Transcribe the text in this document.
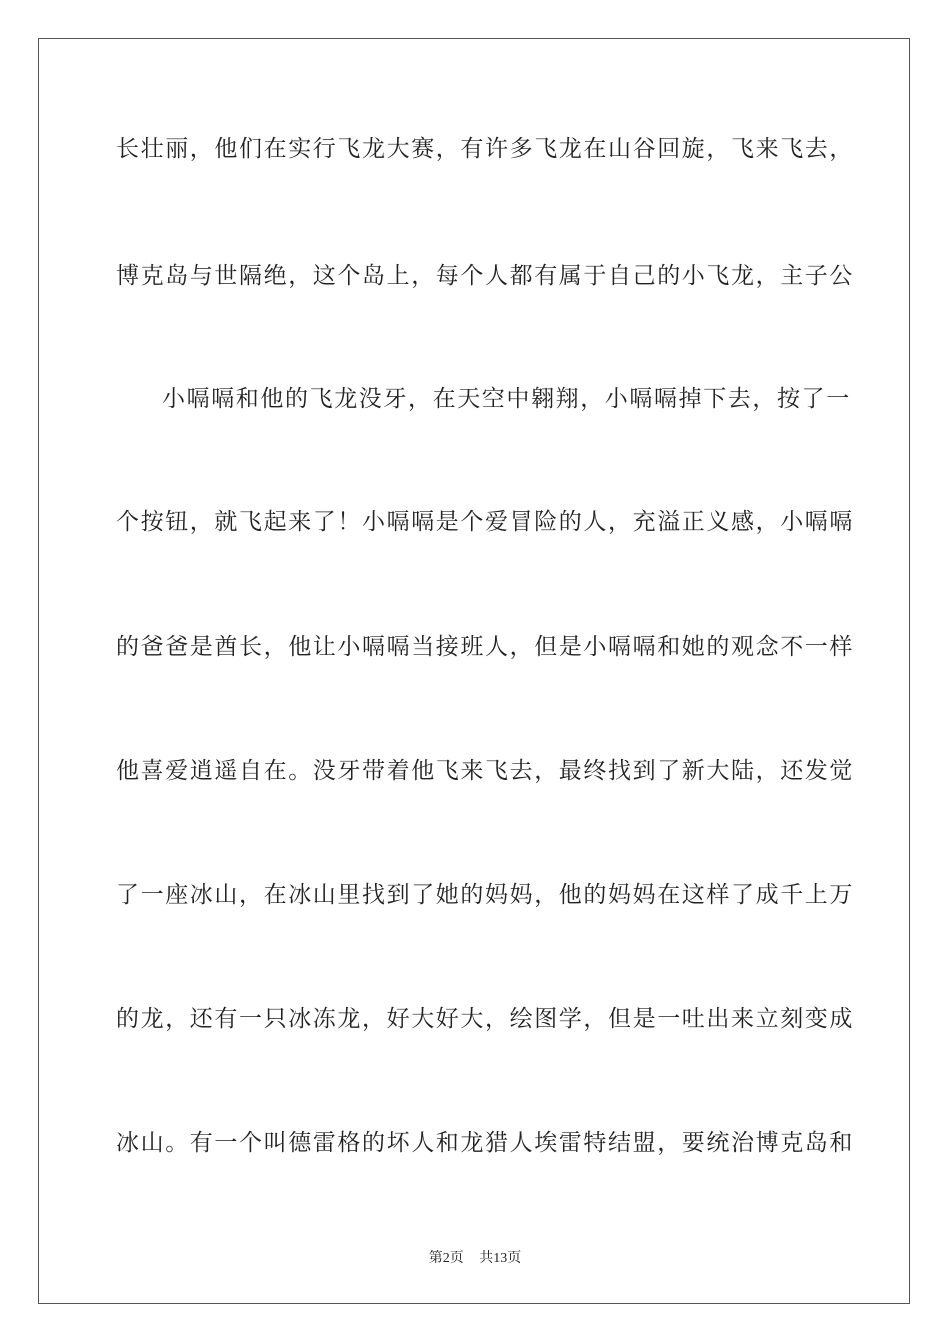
长壮丽，他们在实行飞龙大赛，有许多飞龙在山谷回旋，飞来飞去，
博克岛与世隔绝，这个岛上，每个人都有属于自己的小飞龙，主子公
小嗝嗝和他的飞龙没牙，在天空中翱翔，小嗝嗝掉下去，按了一
个按钮，就飞起来了！小嗝嗝是个爱冒险的人，充溢正义感，小嗝嗝
的爸爸是酋长，他让小嗝嗝当接班人，但是小嗝嗝和她的观念不一样
他喜爱逍遥自在。没牙带着他飞来飞去，最终找到了新大陆，还发觉
了一座冰山，在冰山里找到了她的妈妈，他的妈妈在这样了成千上万
的龙，还有一只冰冻龙，好大好大，绘图学，但是一吐出来立刻变成
冰山。有一个叫德雷格的坏人和龙猎人埃雷特结盟，要统治博克岛和
第2页 共13页
